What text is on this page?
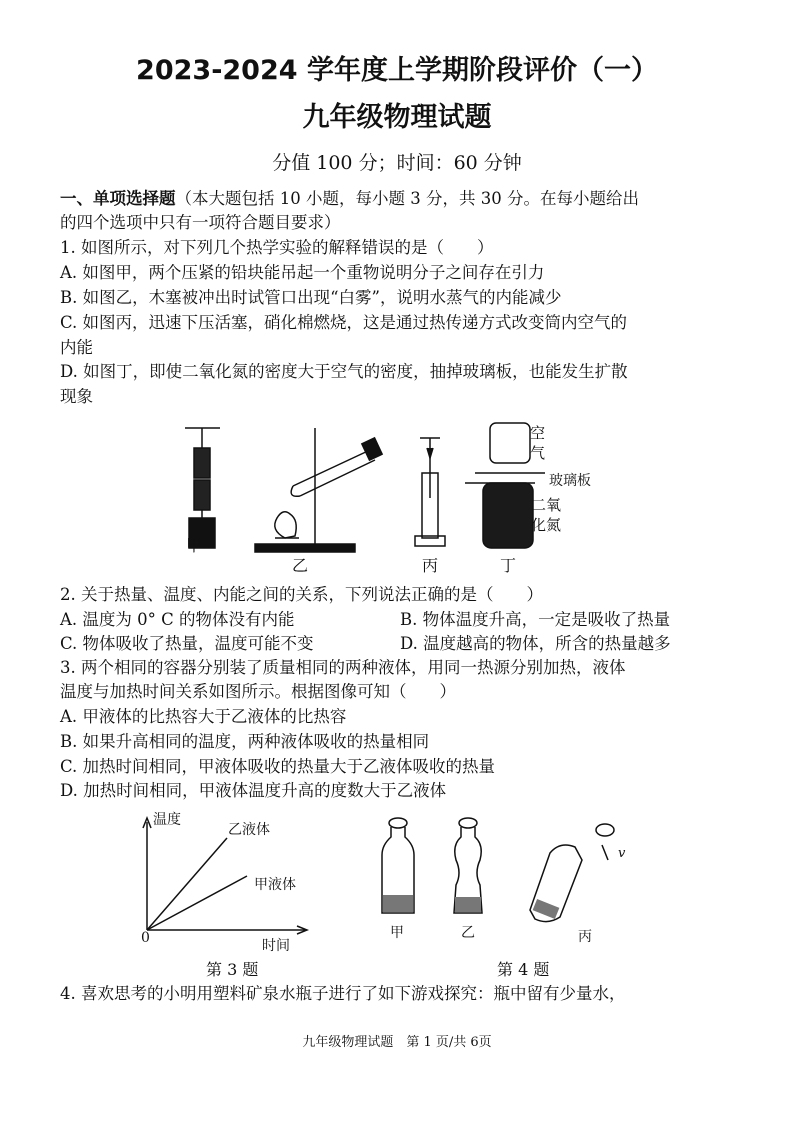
2023-2024 学年度上学期阶段评价（一）
九年级物理试题
分值 100 分；时间：60 分钟
一、单项选择题（本大题包括 10 小题，每小题 3 分，共 30 分。在每小题给出
的四个选项中只有一项符合题目要求）
1. 如图所示，对下列几个热学实验的解释错误的是（　　）
A. 如图甲，两个压紧的铅块能吊起一个重物说明分子之间存在引力
B. 如图乙，木塞被冲出时试管口出现“白雾”，说明水蒸气的内能减少
C. 如图丙，迅速下压活塞，硝化棉燃烧，这是通过热传递方式改变筒内空气的
内能
D. 如图丁，即使二氧化氮的密度大于空气的密度，抽掉玻璃板，也能发生扩散
现象
甲
乙	丙	丁
空
气
玻璃板
二氧
化氮
2. 关于热量、温度、内能之间的关系，下列说法正确的是（　　）
A. 温度为 0° C 的物体没有内能	B. 物体温度升高，一定是吸收了热量
C. 物体吸收了热量，温度可能不变	D. 温度越高的物体，所含的热量越多
3. 两个相同的容器分别装了质量相同的两种液体，用同一热源分别加热，液体
温度与加热时间关系如图所示。根据图像可知（　　）
A. 甲液体的比热容大于乙液体的比热容
B. 如果升高相同的温度，两种液体吸收的热量相同
C. 加热时间相同，甲液体吸收的热量大于乙液体吸收的热量
D. 加热时间相同，甲液体温度升高的度数大于乙液体
温度
0	时间
乙液体
甲液体
第 3 题
甲	乙	丙
v
第 4 题
4. 喜欢思考的小明用塑料矿泉水瓶子进行了如下游戏探究：瓶中留有少量水，
九年级物理试题　第 1 页/共 6页
